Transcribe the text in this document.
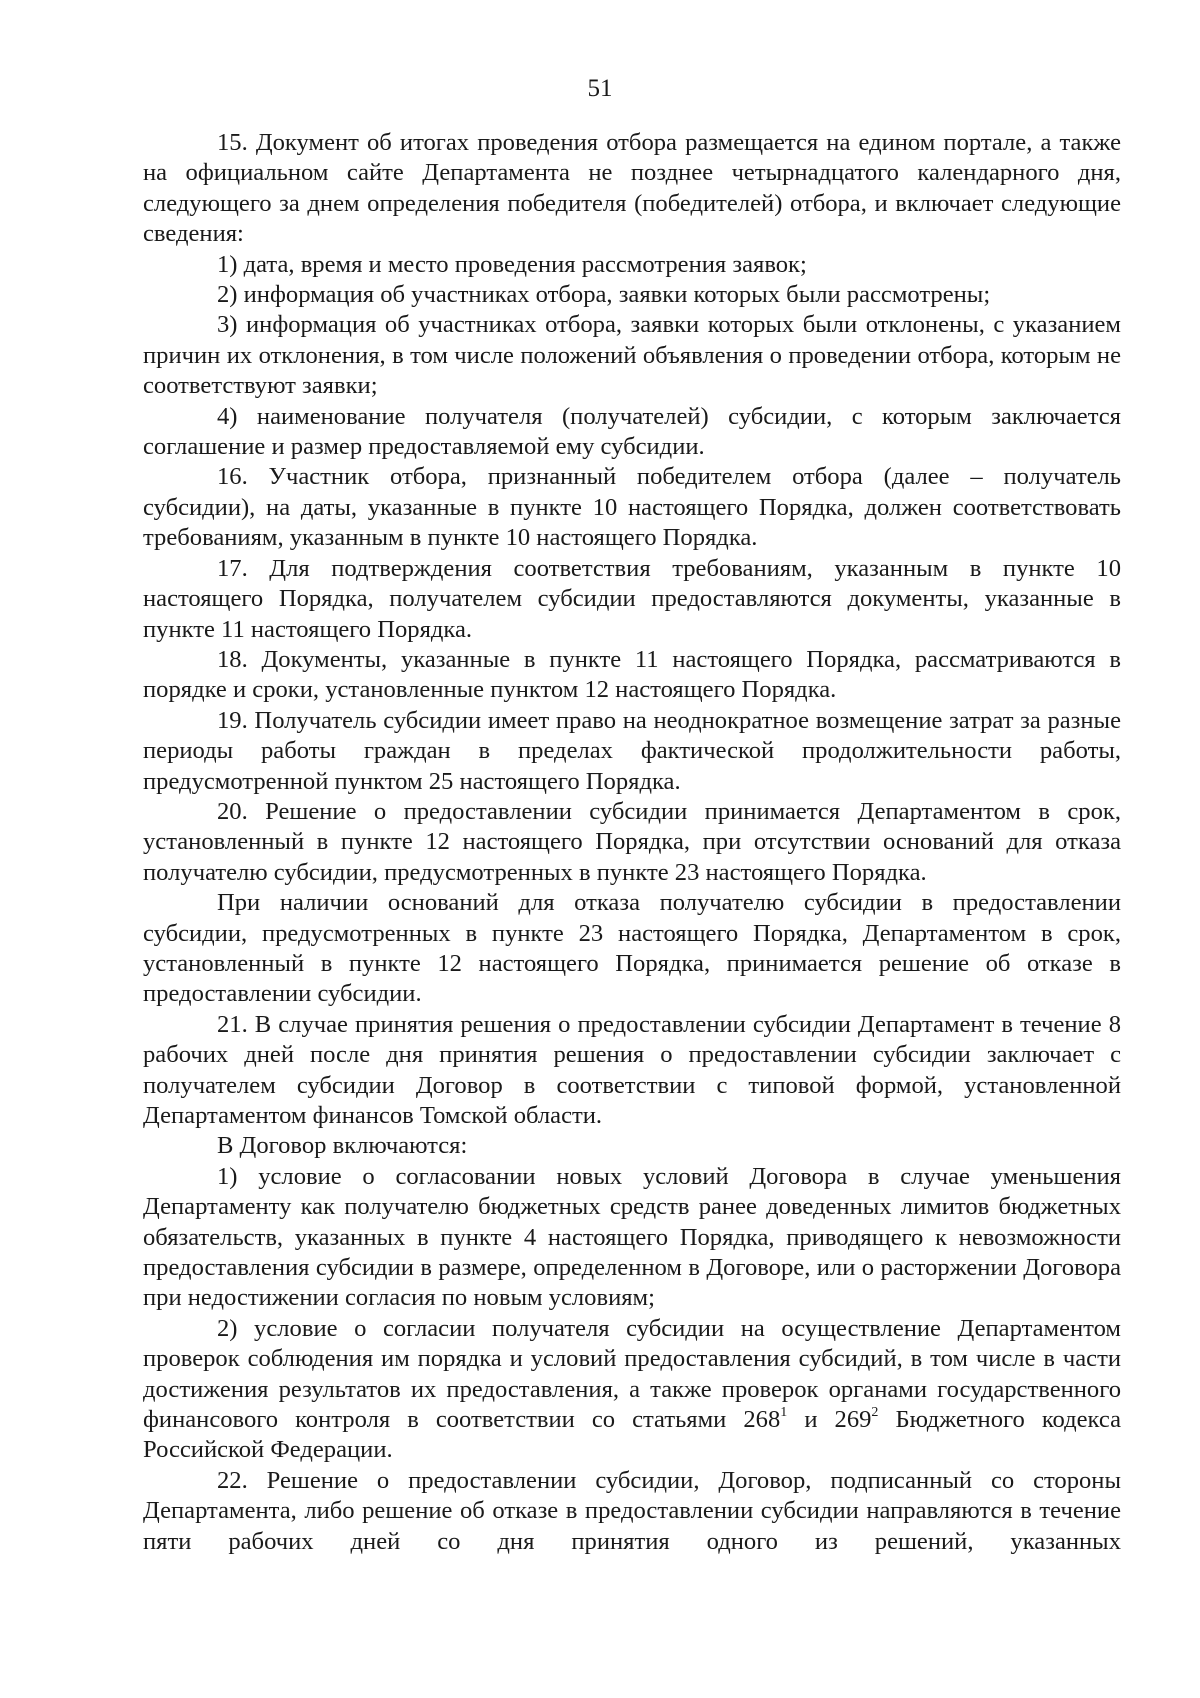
51

15. Документ об итогах проведения отбора размещается на едином портале, а также на официальном сайте Департамента не позднее четырнадцатого календарного дня, следующего за днем определения победителя (победителей) отбора, и включает следующие сведения:

1) дата, время и место проведения рассмотрения заявок;

2) информация об участниках отбора, заявки которых были рассмотрены;

3) информация об участниках отбора, заявки которых были отклонены, с указанием причин их отклонения, в том числе положений объявления о проведении отбора, которым не соответствуют заявки;

4) наименование получателя (получателей) субсидии, с которым заключается соглашение и размер предоставляемой ему субсидии.

16. Участник отбора, признанный победителем отбора (далее – получатель субсидии), на даты, указанные в пункте 10 настоящего Порядка, должен соответствовать требованиям, указанным в пункте 10 настоящего Порядка.

17. Для подтверждения соответствия требованиям, указанным в пункте 10 настоящего Порядка, получателем субсидии предоставляются документы, указанные в пункте 11 настоящего Порядка.

18. Документы, указанные в пункте 11 настоящего Порядка, рассматриваются в порядке и сроки, установленные пунктом 12 настоящего Порядка.

19. Получатель субсидии имеет право на неоднократное возмещение затрат за разные периоды работы граждан в пределах фактической продолжительности работы, предусмотренной пунктом 25 настоящего Порядка.

20. Решение о предоставлении субсидии принимается Департаментом в срок, установленный в пункте 12 настоящего Порядка, при отсутствии оснований для отказа получателю субсидии, предусмотренных в пункте 23 настоящего Порядка.

При наличии оснований для отказа получателю субсидии в предоставлении субсидии, предусмотренных в пункте 23 настоящего Порядка, Департаментом в срок, установленный в пункте 12 настоящего Порядка, принимается решение об отказе в предоставлении субсидии.

21. В случае принятия решения о предоставлении субсидии Департамент в течение 8 рабочих дней после дня принятия решения о предоставлении субсидии заключает с получателем субсидии Договор в соответствии с типовой формой, установленной Департаментом финансов Томской области.

В Договор включаются:

1) условие о согласовании новых условий Договора в случае уменьшения Департаменту как получателю бюджетных средств ранее доведенных лимитов бюджетных обязательств, указанных в пункте 4 настоящего Порядка, приводящего к невозможности предоставления субсидии в размере, определенном в Договоре, или о расторжении Договора при недостижении согласия по новым условиям;

2) условие о согласии получателя субсидии на осуществление Департаментом проверок соблюдения им порядка и условий предоставления субсидий, в том числе в части достижения результатов их предоставления, а также проверок органами государственного финансового контроля в соответствии со статьями $268^1$ и $269^2$ Бюджетного кодекса Российской Федерации.

22. Решение о предоставлении субсидии, Договор, подписанный со стороны Департамента, либо решение об отказе в предоставлении субсидии направляются в течение пяти рабочих дней со дня принятия одного из решений, указанных
